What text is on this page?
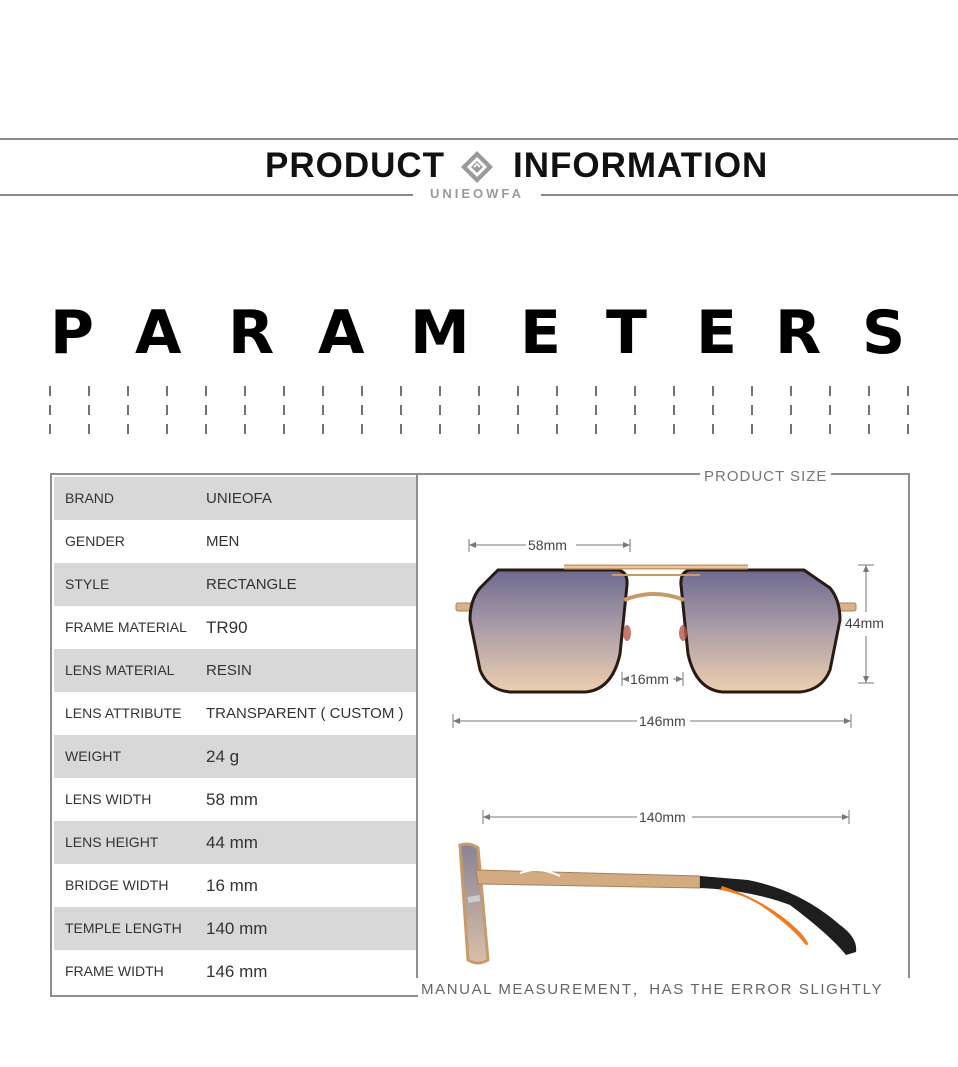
PRODUCT INFORMATION
UNIEOWFA
P A R A M E T E R S
BRAND	UNIEOFA
GENDER	MEN
STYLE	RECTANGLE
FRAME MATERIAL TR90
LENS MATERIAL RESIN
LENS ATTRIBUTE TRANSPARENT ( CUSTOM )
WEIGHT	24 g
LENS WIDTH	58 mm
LENS HEIGHT	44 mm
BRIDGE WIDTH 16 mm
TEMPLE LENGTH 140 mm
FRAME WIDTH 146 mm
PRODUCT SIZE
58mm
44mm
16mm
146mm
140mm
MANUAL MEASUREMENT，HAS THE ERROR SLIGHTLY
